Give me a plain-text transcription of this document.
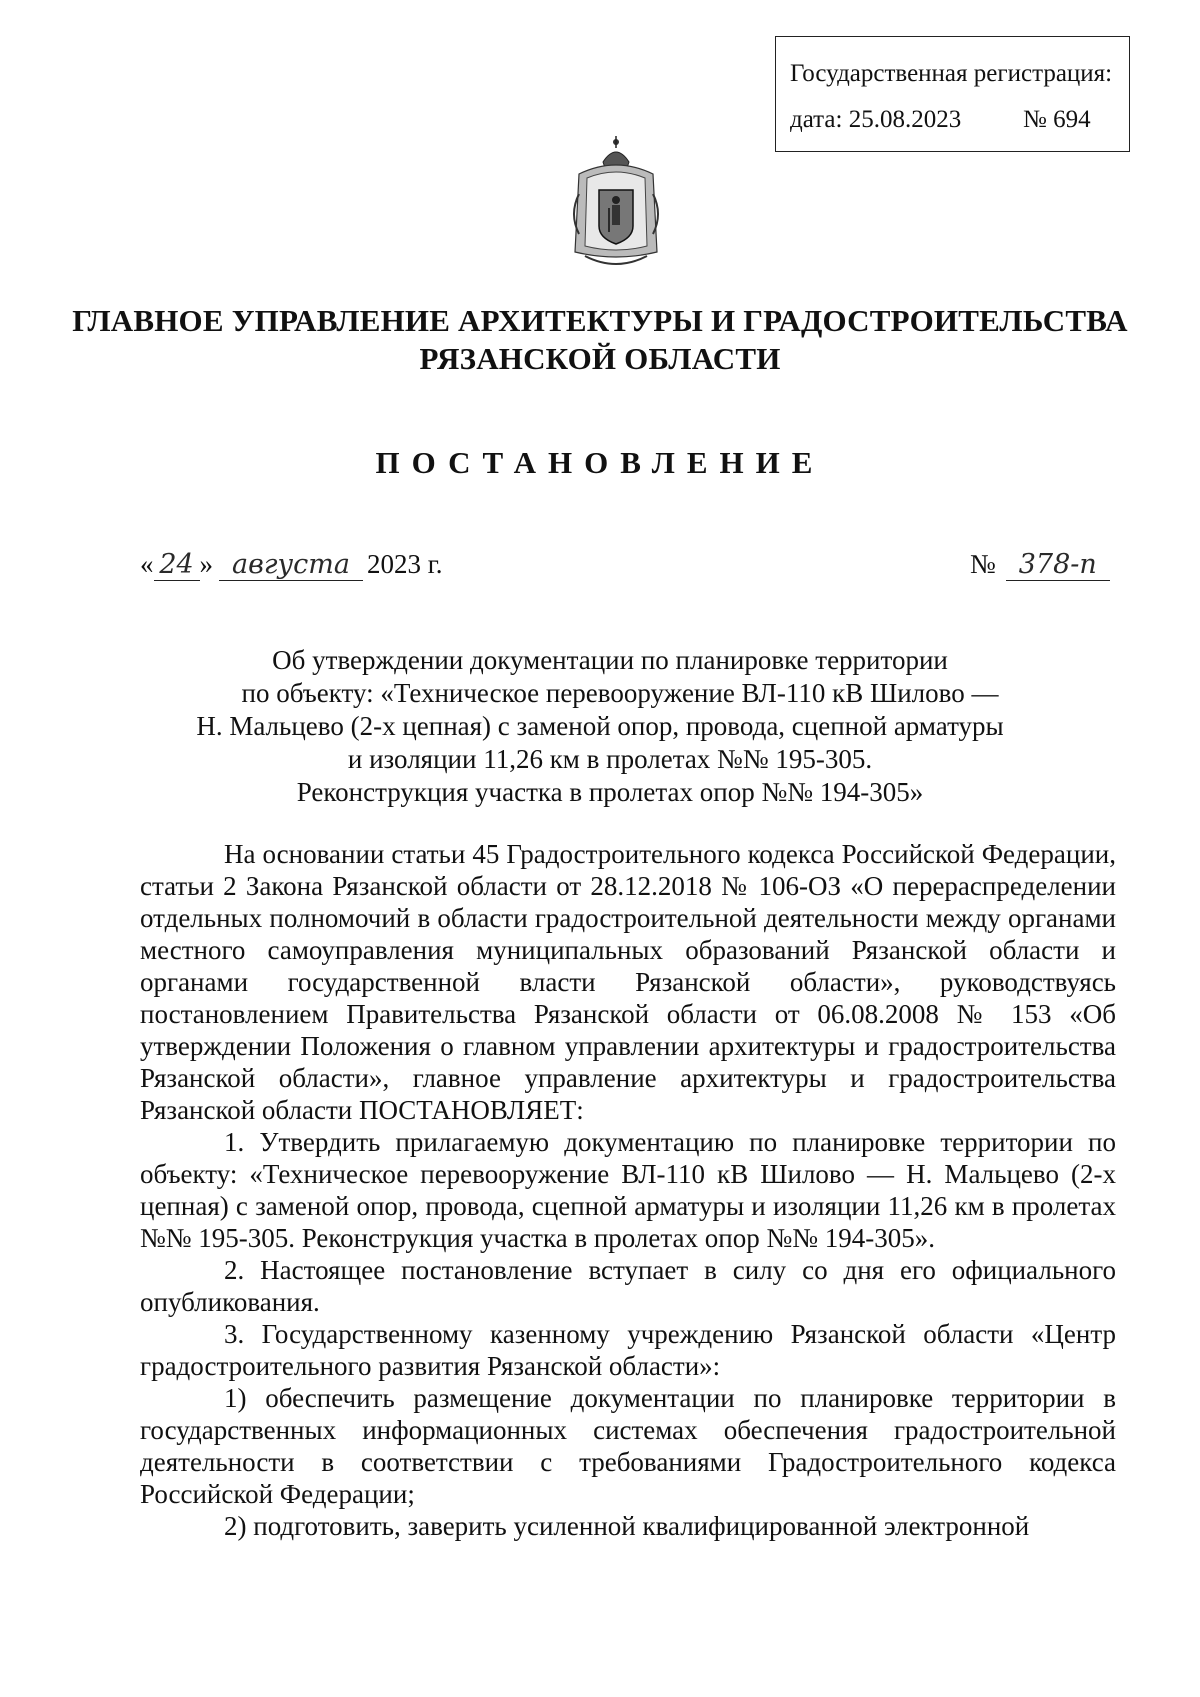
Государственная регистрация:
дата: 25.08.2023 № 694
ГЛАВНОЕ УПРАВЛЕНИЕ АРХИТЕКТУРЫ И ГРАДОСТРОИТЕЛЬСТВА
РЯЗАНСКОЙ ОБЛАСТИ
ПОСТАНОВЛЕНИЕ
« 24 » августа 2023 г.	№ 378-п
Об утверждении документации по планировке территории
по объекту: «Техническое перевооружение ВЛ-110 кВ Шилово —
Н. Мальцево (2-х цепная) с заменой опор, провода, сцепной арматуры
и изоляции 11,26 км в пролетах №№ 195-305.
Реконструкция участка в пролетах опор №№ 194-305»
На основании статьи 45 Градостроительного кодекса Российской Федерации, статьи 2 Закона Рязанской области от 28.12.2018 № 106-ОЗ «О перераспределении отдельных полномочий в области градостроительной деятельности между органами местного самоуправления муниципальных образований Рязанской области и органами государственной власти Рязанской области», руководствуясь постановлением Правительства Рязанской области от 06.08.2008 № 153 «Об утверждении Положения о главном управлении архитектуры и градостроительства Рязанской области», главное управление архитектуры и градостроительства Рязанской области ПОСТАНОВЛЯЕТ:
1. Утвердить прилагаемую документацию по планировке территории по объекту: «Техническое перевооружение ВЛ-110 кВ Шилово — Н. Мальцево (2-х цепная) с заменой опор, провода, сцепной арматуры и изоляции 11,26 км в пролетах №№ 195-305. Реконструкция участка в пролетах опор №№ 194-305».
2. Настоящее постановление вступает в силу со дня его официального опубликования.
3. Государственному казенному учреждению Рязанской области «Центр градостроительного развития Рязанской области»:
1) обеспечить размещение документации по планировке территории в государственных информационных системах обеспечения градостроительной деятельности в соответствии с требованиями Градостроительного кодекса Российской Федерации;
2) подготовить, заверить усиленной квалифицированной электронной
